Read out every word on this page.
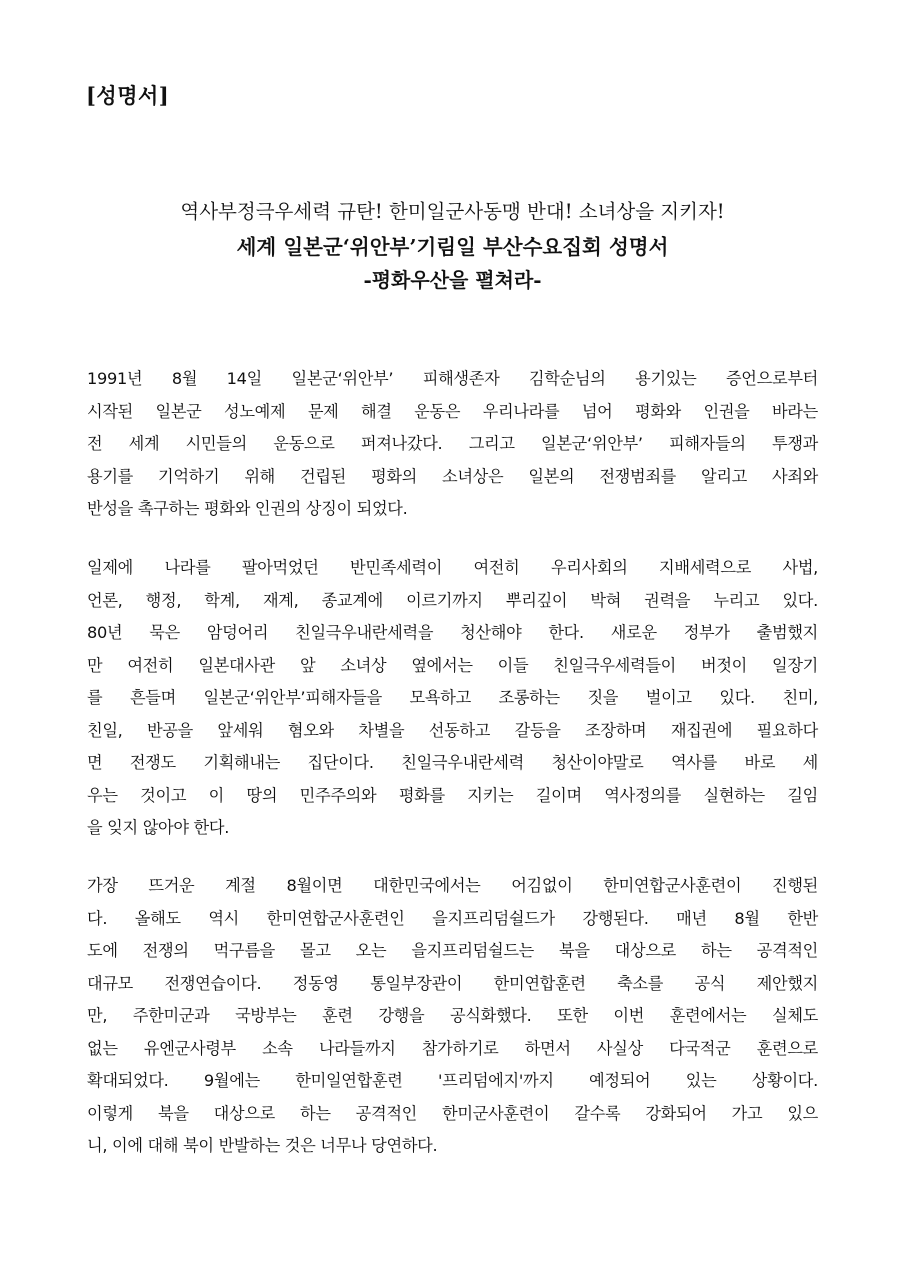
[성명서]
역사부정극우세력 규탄! 한미일군사동맹 반대! 소녀상을 지키자!
세계 일본군‘위안부’기림일 부산수요집회 성명서
-평화우산을 펼쳐라-
1991년 8월 14일 일본군‘위안부’ 피해생존자 김학순님의 용기있는 증언으로부터
시작된 일본군 성노예제 문제 해결 운동은 우리나라를 넘어 평화와 인권을 바라는
전 세계 시민들의 운동으로 퍼져나갔다. 그리고 일본군‘위안부’ 피해자들의 투쟁과
용기를 기억하기 위해 건립된 평화의 소녀상은 일본의 전쟁범죄를 알리고 사죄와
반성을 촉구하는 평화와 인권의 상징이 되었다.
일제에 나라를 팔아먹었던 반민족세력이 여전히 우리사회의 지배세력으로 사법,
언론, 행정, 학계, 재계, 종교계에 이르기까지 뿌리깊이 박혀 권력을 누리고 있다.
80년 묵은 암덩어리 친일극우내란세력을 청산해야 한다. 새로운 정부가 출범했지
만 여전히 일본대사관 앞 소녀상 옆에서는 이들 친일극우세력들이 버젓이 일장기
를 흔들며 일본군‘위안부’피해자들을 모욕하고 조롱하는 짓을 벌이고 있다. 친미,
친일, 반공을 앞세워 혐오와 차별을 선동하고 갈등을 조장하며 재집권에 필요하다
면 전쟁도 기획해내는 집단이다. 친일극우내란세력 청산이야말로 역사를 바로 세
우는 것이고 이 땅의 민주주의와 평화를 지키는 길이며 역사정의를 실현하는 길임
을 잊지 않아야 한다.
가장 뜨거운 계절 8월이면 대한민국에서는 어김없이 한미연합군사훈련이 진행된
다. 올해도 역시 한미연합군사훈련인 을지프리덤쉴드가 강행된다. 매년 8월 한반
도에 전쟁의 먹구름을 몰고 오는 을지프리덤쉴드는 북을 대상으로 하는 공격적인
대규모 전쟁연습이다. 정동영 통일부장관이 한미연합훈련 축소를 공식 제안했지
만, 주한미군과 국방부는 훈련 강행을 공식화했다. 또한 이번 훈련에서는 실체도
없는 유엔군사령부 소속 나라들까지 참가하기로 하면서 사실상 다국적군 훈련으로
확대되었다. 9월에는 한미일연합훈련 '프리덤에지'까지 예정되어 있는 상황이다.
이렇게 북을 대상으로 하는 공격적인 한미군사훈련이 갈수록 강화되어 가고 있으
니, 이에 대해 북이 반발하는 것은 너무나 당연하다.
